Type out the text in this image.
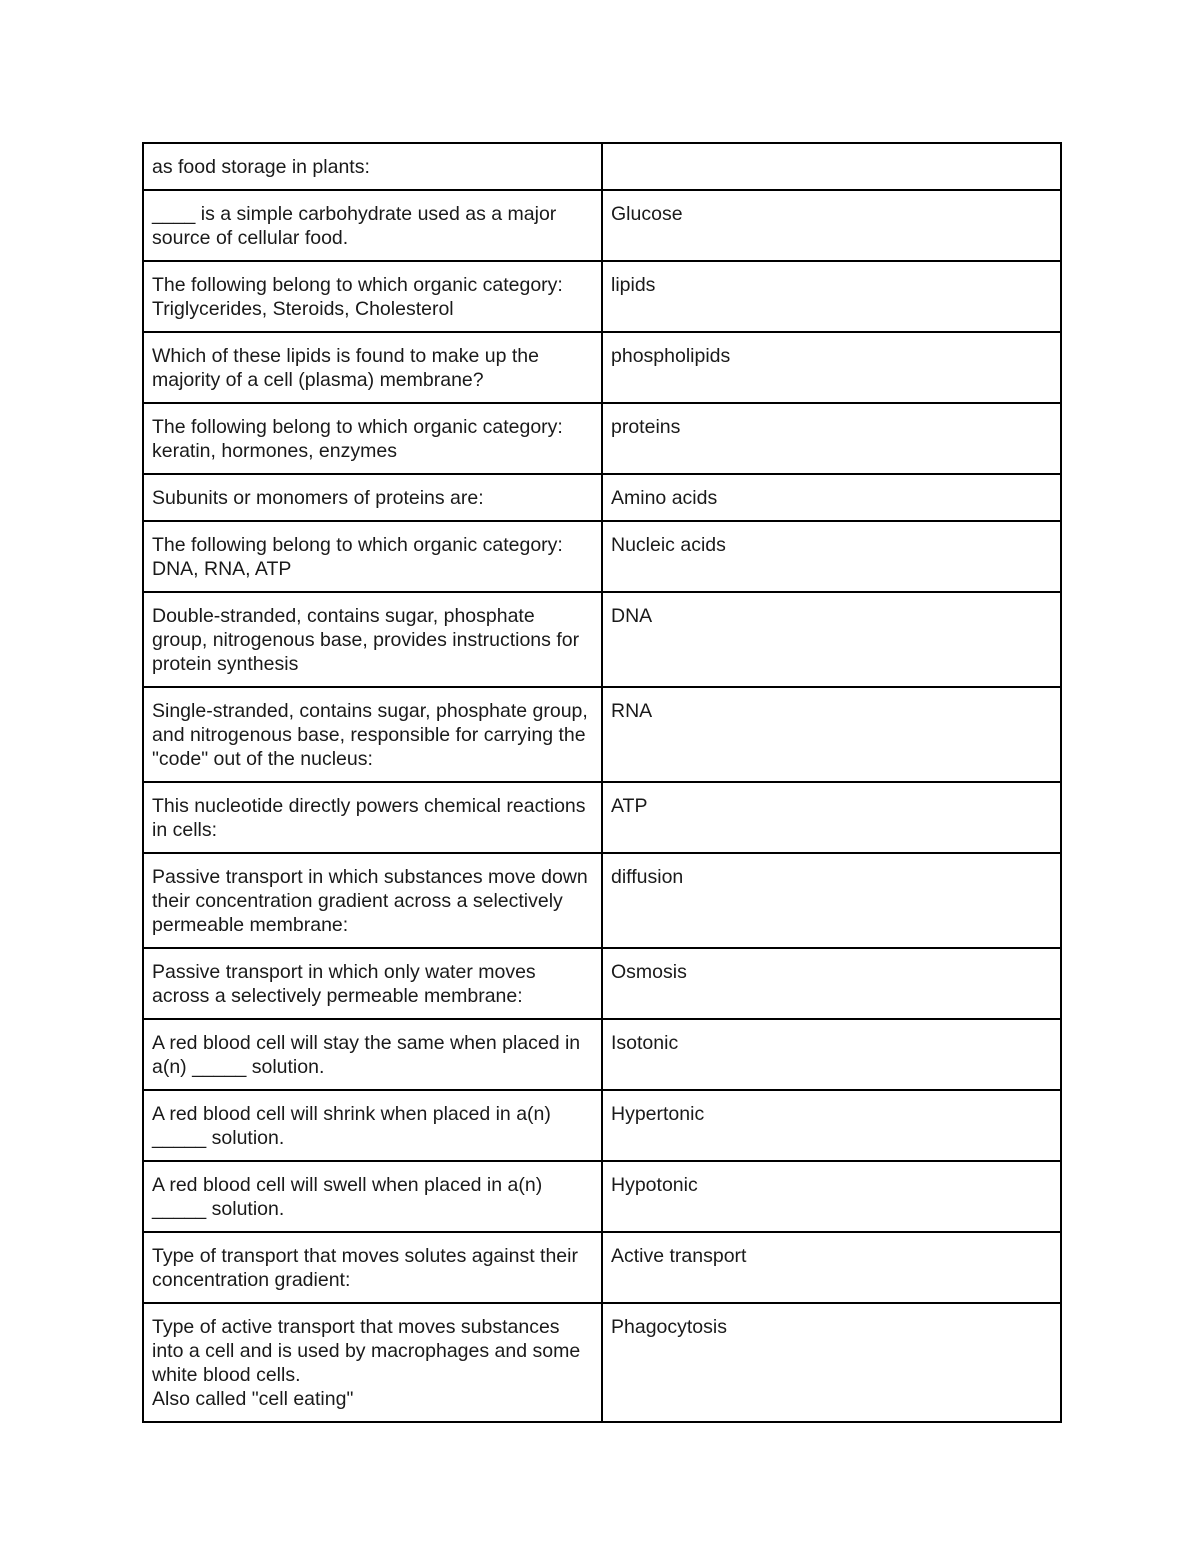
as food storage in plants:	
____ is a simple carbohydrate used as a major source of cellular food.	Glucose
The following belong to which organic category: Triglycerides, Steroids, Cholesterol	lipids
Which of these lipids is found to make up the majority of a cell (plasma) membrane?	phospholipids
The following belong to which organic category: keratin, hormones, enzymes	proteins
Subunits or monomers of proteins are:	Amino acids
The following belong to which organic category: DNA, RNA, ATP	Nucleic acids
Double-stranded, contains sugar, phosphate group, nitrogenous base, provides instructions for protein synthesis	DNA
Single-stranded, contains sugar, phosphate group, and nitrogenous base, responsible for carrying the "code" out of the nucleus:	RNA
This nucleotide directly powers chemical reactions in cells:	ATP
Passive transport in which substances move down their concentration gradient across a selectively permeable membrane:	diffusion
Passive transport in which only water moves across a selectively permeable membrane:	Osmosis
A red blood cell will stay the same when placed in a(n) _____ solution.	Isotonic
A red blood cell will shrink when placed in a(n) _____ solution.	Hypertonic
A red blood cell will swell when placed in a(n) _____ solution.	Hypotonic
Type of transport that moves solutes against their concentration gradient:	Active transport
Type of active transport that moves substances into a cell and is used by macrophages and some white blood cells.
Also called "cell eating"	Phagocytosis
